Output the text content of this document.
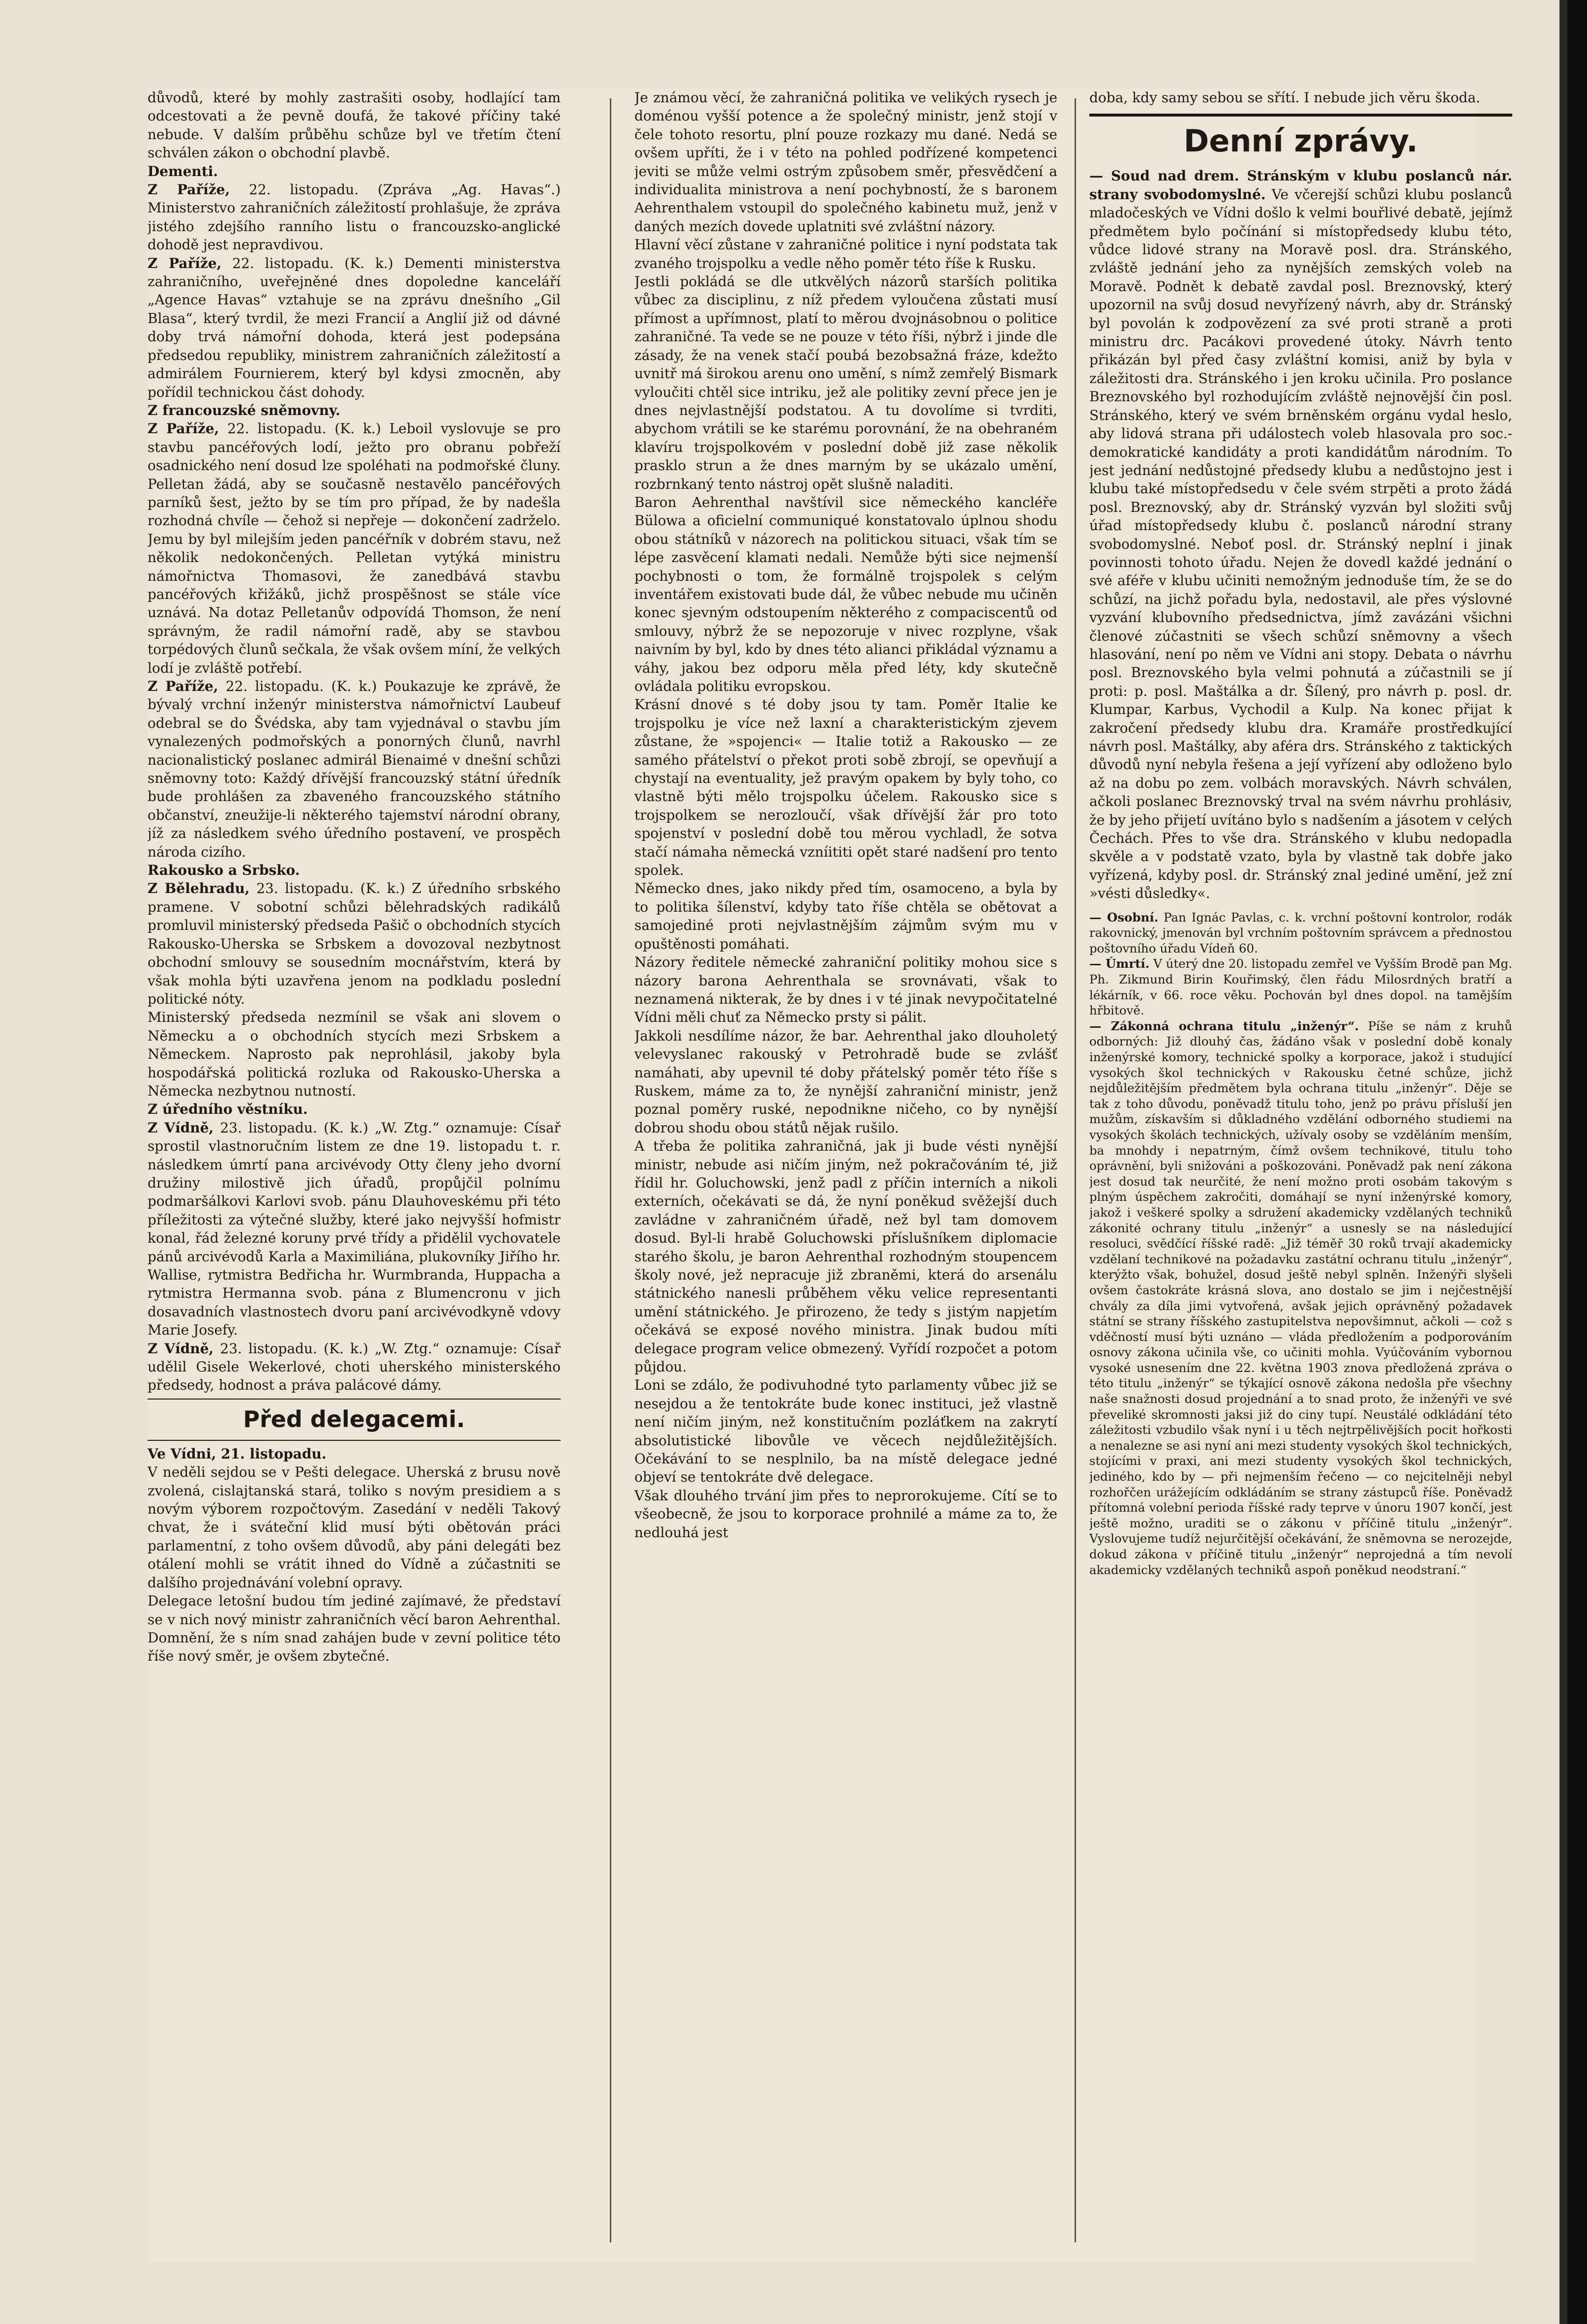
důvodů, které by mohly zastrašiti osoby, hodlající tam odcestovati a že pevně doufá, že takové příčiny také nebude. V dalším průběhu schůze byl ve třetím čtení schválen zákon o obchodní plavbě.

Dementi.

Z Paříže, 22. listopadu. (Zpráva „Ag. Havas“.) Ministerstvo zahraničních záležitostí prohlašuje, že zpráva jistého zdejšího ranního listu o francouzsko-anglické dohodě jest nepravdivou.

Z Paříže, 22. listopadu. (K. k.) Dementi ministerstva zahraničního, uveřejněné dnes dopoledne kanceláří „Agence Havas“ vztahuje se na zprávu dnešního „Gil Blasa“, který tvrdil, že mezi Francií a Anglií již od dávné doby trvá námořní dohoda, která jest podepsána předsedou republiky, ministrem zahraničních záležitostí a admirálem Fournierem, který byl kdysi zmocněn, aby pořídil technickou část dohody.

Z francouzské sněmovny.

Z Paříže, 22. listopadu. (K. k.) Leboil vyslovuje se pro stavbu pancéřových lodí, ježto pro obranu pobřeží osadnického není dosud lze spoléhati na podmořské čluny. Pelletan žádá, aby se současně nestavělo pancéřových parníků šest, ježto by se tím pro případ, že by nadešla rozhodná chvíle — čehož si nepřeje — dokončení zadrželo. Jemu by byl milejším jeden pancéřník v dobrém stavu, než několik nedokončených. Pelletan vytýká ministru námořnictva Thomasovi, že zanedbává stavbu pancéřových křižáků, jichž prospěšnost se stále více uznává. Na dotaz Pelletanův odpovídá Thomson, že není správným, že radil námořní radě, aby se stavbou torpédových člunů sečkala, že však ovšem míní, že velkých lodí je zvláště potřebí.

Z Paříže, 22. listopadu. (K. k.) Poukazuje ke zprávě, že bývalý vrchní inženýr ministerstva námořnictví Laubeuf odebral se do Švédska, aby tam vyjednával o stavbu jím vynalezených podmořských a ponorných člunů, navrhl nacionalistický poslanec admirál Bienaimé v dnešní schůzi sněmovny toto: Každý dřívější francouzský státní úředník bude prohlášen za zbaveného francouzského státního občanství, zneužije-li některého tajemství národní obrany, jíž za následkem svého úředního postavení, ve prospěch národa cizího.

Rakousko a Srbsko.

Z Bělehradu, 23. listopadu. (K. k.) Z úředního srbského pramene. V sobotní schůzi bělehradských radikálů promluvil ministerský předseda Pašič o obchodních stycích Rakousko-Uherska se Srbskem a dovozoval nezbytnost obchodní smlouvy se sousedním mocnářstvím, která by však mohla býti uzavřena jenom na podkladu poslední politické nóty.

Ministerský předseda nezmínil se však ani slovem o Německu a o obchodních stycích mezi Srbskem a Německem. Naprosto pak neprohlásil, jakoby byla hospodářská politická rozluka od Rakousko-Uherska a Německa nezbytnou nutností.

Z úředního věstníku.

Z Vídně, 23. listopadu. (K. k.) „W. Ztg.“ oznamuje: Císař sprostil vlastnoručním listem ze dne 19. listopadu t. r. následkem úmrtí pana arcivévody Otty členy jeho dvorní družiny milostivě jich úřadů, propůjčil polnímu podmaršálkovi Karlovi svob. pánu Dlauhoveskému při této příležitosti za výtečné služby, které jako nejvyšší hofmistr konal, řád železné koruny prvé třídy a přidělil vychovatele pánů arcivévodů Karla a Maximiliána, plukovníky Jiřího hr. Wallise, rytmistra Bedřicha hr. Wurmbranda, Huppacha a rytmistra Hermanna svob. pána z Blumencronu v jich dosavadních vlastnostech dvoru paní arcivévodkyně vdovy Marie Josefy.

Z Vídně, 23. listopadu. (K. k.) „W. Ztg.“ oznamuje: Císař udělil Gisele Wekerlové, choti uherského ministerského předsedy, hodnost a práva palácové dámy.

Před delegacemi.

Ve Vídni, 21. listopadu.

V neděli sejdou se v Pešti delegace. Uherská z brusu nově zvolená, cislajtanská stará, toliko s novým presidiem a s novým výborem rozpočtovým. Zasedání v neděli Takový chvat, že i sváteční klid musí býti obětován práci parlamentní, z toho ovšem důvodů, aby páni delegáti bez otálení mohli se vrátit ihned do Vídně a zúčastniti se dalšího projednávání volební opravy.

Delegace letošní budou tím jediné zajímavé, že představí se v nich nový ministr zahraničních věcí baron Aehrenthal. Domnění, že s ním snad zahájen bude v zevní politice této říše nový směr, je ovšem zbytečné.

Je známou věcí, že zahraničná politika ve velikých rysech je doménou vyšší potence a že společný ministr, jenž stojí v čele tohoto resortu, plní pouze rozkazy mu dané. Nedá se ovšem upříti, že i v této na pohled podřízené kompetenci jeviti se může velmi ostrým způsobem směr, přesvědčení a individualita ministrova a není pochybností, že s baronem Aehrenthalem vstoupil do společného kabinetu muž, jenž v daných mezích dovede uplatniti své zvláštní názory.

Hlavní věcí zůstane v zahraničné politice i nyní podstata tak zvaného trojspolku a vedle něho poměr této říše k Rusku.

Jestli pokládá se dle utkvělých názorů starších politika vůbec za disciplinu, z níž předem vyloučena zůstati musí přímost a upřímnost, platí to měrou dvojnásobnou o politice zahraničné. Ta vede se ne pouze v této říši, nýbrž i jinde dle zásady, že na venek stačí poubá bezobsažná fráze, kdežto uvnitř má širokou arenu ono umění, s nímž zemřelý Bismark vyloučiti chtěl sice intriku, jež ale politiky zevní přece jen je dnes nejvlastnější podstatou. A tu dovolíme si tvrditi, abychom vrátili se ke starému porovnání, že na obehraném klavíru trojspolkovém v poslední době již zase několik prasklo strun a že dnes marným by se ukázalo umění, rozbrnkaný tento nástroj opět slušně naladiti.

Baron Aehrenthal navštívil sice německého kancléře Bülowa a oficielní communiqué konstatovalo úplnou shodu obou státníků v názorech na politickou situaci, však tím se lépe zasvěcení klamati nedali. Nemůže býti sice nejmenší pochybnosti o tom, že formálně trojspolek s celým inventářem existovati bude dál, že vůbec nebude mu učiněn konec sjevným odstoupením některého z compaciscentů od smlouvy, nýbrž že se nepozoruje v nivec rozplyne, však naivním by byl, kdo by dnes této alianci přikládal významu a váhy, jakou bez odporu měla před léty, kdy skutečně ovládala politiku evropskou.

Krásní dnové s té doby jsou ty tam. Poměr Italie ke trojspolku je více než laxní a charakteristickým zjevem zůstane, že »spojenci« — Italie totiž a Rakousko — ze samého přátelství o překot proti sobě zbrojí, se opevňují a chystají na eventuality, jež pravým opakem by byly toho, co vlastně býti mělo trojspolku účelem. Rakousko sice s trojspolkem se nerozloučí, však dřívější žár pro toto spojenství v poslední době tou měrou vychladl, že sotva stačí námaha německá vzníititi opět staré nadšení pro tento spolek.

Německo dnes, jako nikdy před tím, osamoceno, a byla by to politika šílenství, kdyby tato říše chtěla se obětovat a samojediné proti nejvlastnějším zájmům svým mu v opuštěnosti pomáhati.

Názory ředitele německé zahraniční politiky mohou sice s názory barona Aehrenthala se srovnávati, však to neznamená nikterak, že by dnes i v té jinak nevypočitatelné Vídni měli chuť za Německo prsty si pálit.

Jakkoli nesdílíme názor, že bar. Aehrenthal jako dlouholetý velevyslanec rakouský v Petrohradě bude se zvlášť namáhati, aby upevnil té doby přátelský poměr této říše s Ruskem, máme za to, že nynější zahraniční ministr, jenž poznal poměry ruské, nepodnikne ničeho, co by nynější dobrou shodu obou států nějak rušilo.

A třeba že politika zahraničná, jak ji bude vésti nynější ministr, nebude asi ničím jiným, než pokračováním té, již řídil hr. Goluchowski, jenž padl z příčin interních a nikoli externích, očekávati se dá, že nyní poněkud svěžejší duch zavládne v zahraničném úřadě, než byl tam domovem dosud. Byl-li hrabě Goluchowski příslušníkem diplomacie starého školu, je baron Aehrenthal rozhodným stoupencem školy nové, jež nepracuje již zbraněmi, která do arsenálu státnického nanesli průběhem věku velice representanti umění státnického. Je přirozeno, že tedy s jistým napjetím očekává se exposé nového ministra. Jinak budou míti delegace program velice obmezený. Vyřídí rozpočet a potom půjdou.

Loni se zdálo, že podivuhodné tyto parlamenty vůbec již se nesejdou a že tentokráte bude konec instituci, jež vlastně není ničím jiným, než konstitučním pozláťkem na zakrytí absolutistické libovůle ve věcech nejdůležitějších. Očekávání to se nesplnilo, ba na místě delegace jedné objeví se tentokráte dvě delegace.

Však dlouhého trvání jim přes to neprorokujeme. Cítí se to všeobecně, že jsou to korporace prohnilé a máme za to, že nedlouhá jest

doba, kdy samy sebou se sřítí. I nebude jich věru škoda.

Denní zprávy.

— Soud nad drem. Stránským v klubu poslanců nár. strany svobodomyslné. Ve včerejší schůzi klubu poslanců mladočeských ve Vídni došlo k velmi bouřlivé debatě, jejímž předmětem bylo počínání si místopředsedy klubu této, vůdce lidové strany na Moravě posl. dra. Stránského, zvláště jednání jeho za nynějších zemských voleb na Moravě. Podnět k debatě zavdal posl. Breznovský, který upozornil na svůj dosud nevyřízený návrh, aby dr. Stránský byl povolán k zodpovězení za své proti straně a proti ministru drc. Pacákovi provedené útoky. Návrh tento přikázán byl před časy zvláštní komisi, aniž by byla v záležitosti dra. Stránského i jen kroku učinila. Pro poslance Breznovského byl rozhodujícím zvláště nejnovější čin posl. Stránského, který ve svém brněnském orgánu vydal heslo, aby lidová strana při událostech voleb hlasovala pro soc.-demokratické kandidáty a proti kandidátům národním. To jest jednání nedůstojné předsedy klubu a nedůstojno jest i klubu také místopředsedu v čele svém strpěti a proto žádá posl. Breznovský, aby dr. Stránský vyzván byl složiti svůj úřad místopředsedy klubu č. poslanců národní strany svobodomyslné. Neboť posl. dr. Stránský neplní i jinak povinnosti tohoto úřadu. Nejen že dovedl každé jednání o své aféře v klubu učiniti nemožným jednoduše tím, že se do schůzí, na jichž pořadu byla, nedostavil, ale přes výslovné vyzvání klubovního předsednictva, jímž zavázáni všichni členové zúčastniti se všech schůzí sněmovny a všech hlasování, není po něm ve Vídni ani stopy. Debata o návrhu posl. Breznovského byla velmi pohnutá a zúčastnili se jí proti: p. posl. Maštálka a dr. Šílený, pro návrh p. posl. dr. Klumpar, Karbus, Vychodil a Kulp. Na konec přijat k zakročení předsedy klubu dra. Kramáře prostředkující návrh posl. Maštálky, aby aféra drs. Stránského z taktických důvodů nyní nebyla řešena a její vyřízení aby odloženo bylo až na dobu po zem. volbách moravských. Návrh schválen, ačkoli poslanec Breznovský trval na svém návrhu prohlásiv, že by jeho přijetí uvítáno bylo s nadšením a jásotem v celých Čechách. Přes to vše dra. Stránského v klubu nedopadla skvěle a v podstatě vzato, byla by vlastně tak dobře jako vyřízená, kdyby posl. dr. Stránský znal jediné umění, jež zní »vésti důsledky«.

— Osobní. Pan Ignác Pavlas, c. k. vrchní poštovní kontrolor, rodák rakovnický, jmenován byl vrchním poštovním správcem a přednostou poštovního úřadu Vídeň 60.

— Úmrtí. V úterý dne 20. listopadu zemřel ve Vyšším Brodě pan Mg. Ph. Zikmund Birin Kouřimský, člen řádu Milosrdných bratří a lékárník, v 66. roce věku. Pochován byl dnes dopol. na tamějším hřbitově.

— Zákonná ochrana titulu „inženýr“. Píše se nám z kruhů odborných: Již dlouhý čas, žádáno však v poslední době konaly inženýrské komory, technické spolky a korporace, jakož i studující vysokých škol technických v Rakousku četné schůze, jichž nejdůležitějším předmětem byla ochrana titulu „inženýr“. Děje se tak z toho důvodu, poněvadž titulu toho, jenž po právu přísluší jen mužům, získavším si důkladného vzdělání odborného studiemi na vysokých školách technických, užívaly osoby se vzděláním menším, ba mnohdy i nepatrným, čímž ovšem technikové, titulu toho oprávnění, byli snižováni a poškozováni. Poněvadž pak není zákona jest dosud tak neurčité, že není možno proti osobám takovým s plným úspěchem zakročiti, domáhají se nyní inženýrské komory, jakož i veškeré spolky a sdružení akademicky vzdělaných techniků zákonité ochrany titulu „inženýr“ a usnesly se na následující resoluci, svědčící říšské radě: „Již téměř 30 roků trvají akademicky vzdělaní technikové na požadavku zastátní ochranu titulu „inženýr“, kterýžto však, bohužel, dosud ještě nebyl splněn. Inženýři slyšeli ovšem častokráte krásná slova, ano dostalo se jim i nejčestnější chvály za díla jimi vytvořená, avšak jejich oprávněný požadavek státní se strany říšského zastupitelstva nepovšimnut, ačkoli — což s vděčností musí býti uznáno — vláda předložením a podporováním osnovy zákona učinila vše, co učiniti mohla. Vyúčováním vybornou vysoké usnesením dne 22. května 1903 znova předložená zpráva o této titulu „inženýr“ se týkající osnově zákona nedošla pře všechny naše snažnosti dosud projednání a to snad proto, že inženýři ve své převeliké skromnosti jaksi již do ciny tupí. Neustálé odkládání této záležitosti vzbudilo však nyní i u těch nejtrpělivějších pocit hořkosti a nenalezne se asi nyní ani mezi studenty vysokých škol technických, stojícími v praxi, ani mezi studenty vysokých škol technických, jediného, kdo by — při nejmenším řečeno — co nejcitelněji nebyl rozhořčen urážejícím odkládáním se strany zástupců říše. Poněvadž přítomná volební perioda říšské rady teprve v únoru 1907 končí, jest ještě možno, uraditi se o zákonu v příčině titulu „inženýr“. Vyslovujeme tudíž nejurčitější očekávání, že sněmovna se nerozejde, dokud zákona v příčině titulu „inženýr“ neprojedná a tím nevolí akademicky vzdělaných techniků aspoň poněkud neodstraní.“
